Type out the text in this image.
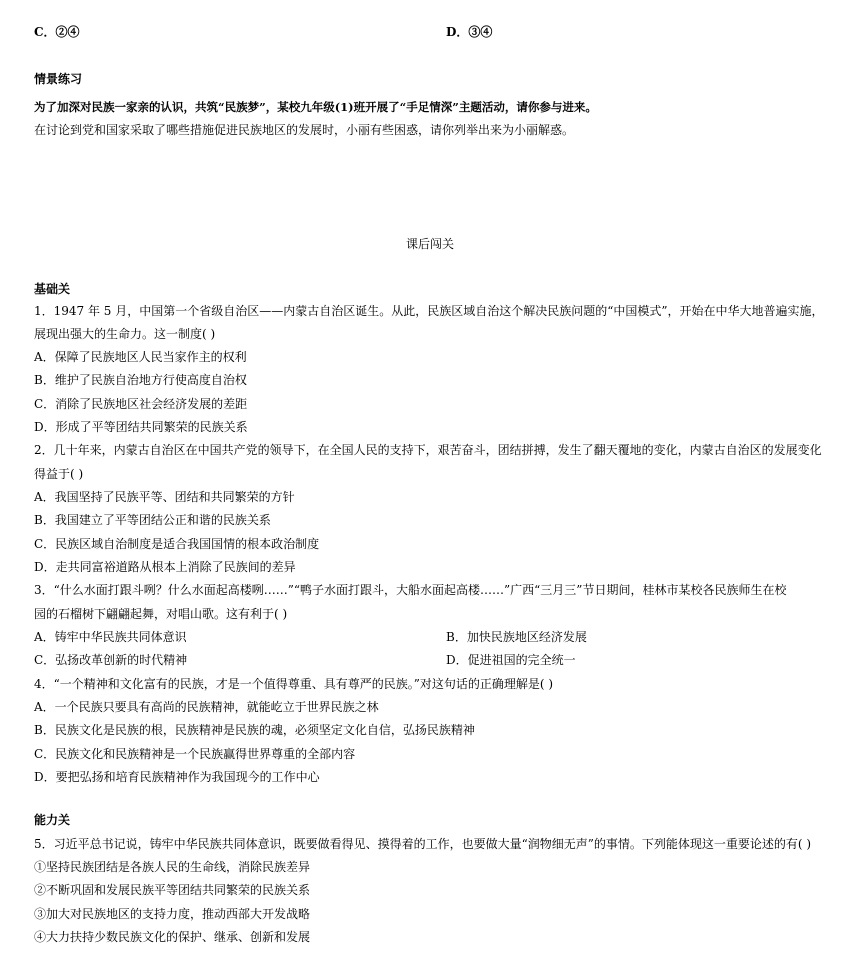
C．②④	D．③④
情景练习
为了加深对民族一家亲的认识，共筑“民族梦”，某校九年级(1)班开展了“手足情深”主题活动，请你参与进来。
在讨论到党和国家采取了哪些措施促进民族地区的发展时，小丽有些困惑，请你列举出来为小丽解惑。
课后闯关
基础关
1．1947 年 5 月，中国第一个省级自治区——内蒙古自治区诞生。从此，民族区域自治这个解决民族问题的“中国模式”，开始在中华大地普遍实施，
展现出强大的生命力。这一制度( )
A．保障了民族地区人民当家作主的权利
B．维护了民族自治地方行使高度自治权
C．消除了民族地区社会经济发展的差距
D．形成了平等团结共同繁荣的民族关系
2．几十年来，内蒙古自治区在中国共产党的领导下，在全国人民的支持下，艰苦奋斗，团结拼搏，发生了翻天覆地的变化，内蒙古自治区的发展变化
得益于( )
A．我国坚持了民族平等、团结和共同繁荣的方针
B．我国建立了平等团结公正和谐的民族关系
C．民族区域自治制度是适合我国国情的根本政治制度
D．走共同富裕道路从根本上消除了民族间的差异
3．“什么水面打跟斗咧？什么水面起高楼咧……”“鸭子水面打跟斗，大船水面起高楼……”广西“三月三”节日期间，桂林市某校各民族师生在校
园的石榴树下翩翩起舞，对唱山歌。这有利于( )
A．铸牢中华民族共同体意识	B．加快民族地区经济发展
C．弘扬改革创新的时代精神	D．促进祖国的完全统一
4．“一个精神和文化富有的民族，才是一个值得尊重、具有尊严的民族。”对这句话的正确理解是( )
A．一个民族只要具有高尚的民族精神，就能屹立于世界民族之林
B．民族文化是民族的根，民族精神是民族的魂，必须坚定文化自信，弘扬民族精神
C．民族文化和民族精神是一个民族赢得世界尊重的全部内容
D．要把弘扬和培育民族精神作为我国现今的工作中心
能力关
5．习近平总书记说，铸牢中华民族共同体意识，既要做看得见、摸得着的工作，也要做大量“润物细无声”的事情。下列能体现这一重要论述的有( )
①坚持民族团结是各族人民的生命线，消除民族差异
②不断巩固和发展民族平等团结共同繁荣的民族关系
③加大对民族地区的支持力度，推动西部大开发战略
④大力扶持少数民族文化的保护、继承、创新和发展
